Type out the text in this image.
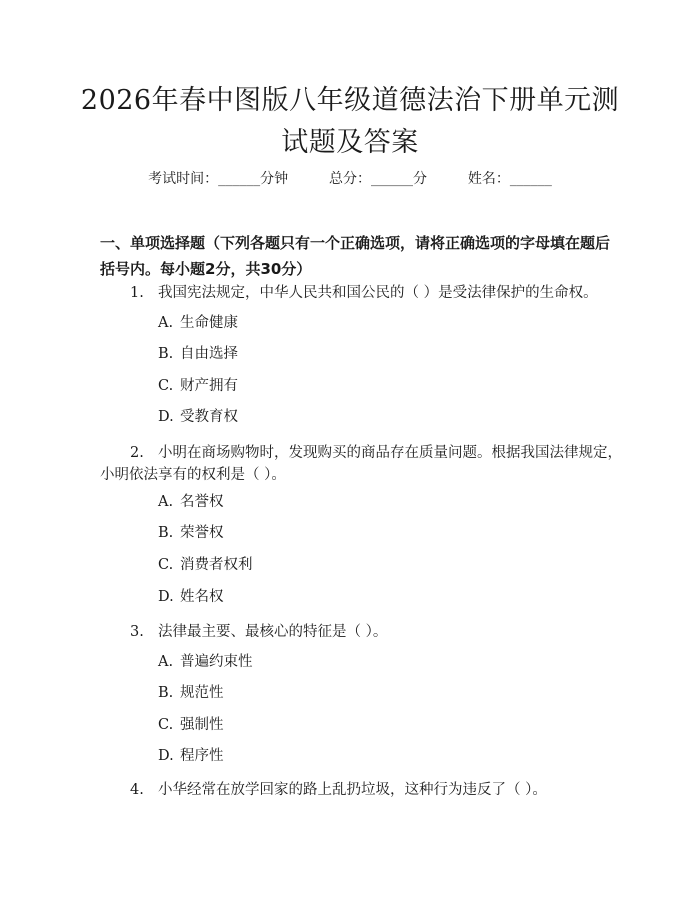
2026年春中图版八年级道德法治下册单元测
试题及答案
考试时间：______分钟	总分：______分	姓名：______
一、单项选择题（下列各题只有一个正确选项，请将正确选项的字母填在题后括号内。每小题2分，共30分）
1. 我国宪法规定，中华人民共和国公民的（ ）是受法律保护的生命权。
A. 生命健康
B. 自由选择
C. 财产拥有
D. 受教育权
2. 小明在商场购物时，发现购买的商品存在质量问题。根据我国法律规定，
小明依法享有的权利是（ ）。
A. 名誉权
B. 荣誉权
C. 消费者权利
D. 姓名权
3. 法律最主要、最核心的特征是（ ）。
A. 普遍约束性
B. 规范性
C. 强制性
D. 程序性
4. 小华经常在放学回家的路上乱扔垃圾，这种行为违反了（ ）。
